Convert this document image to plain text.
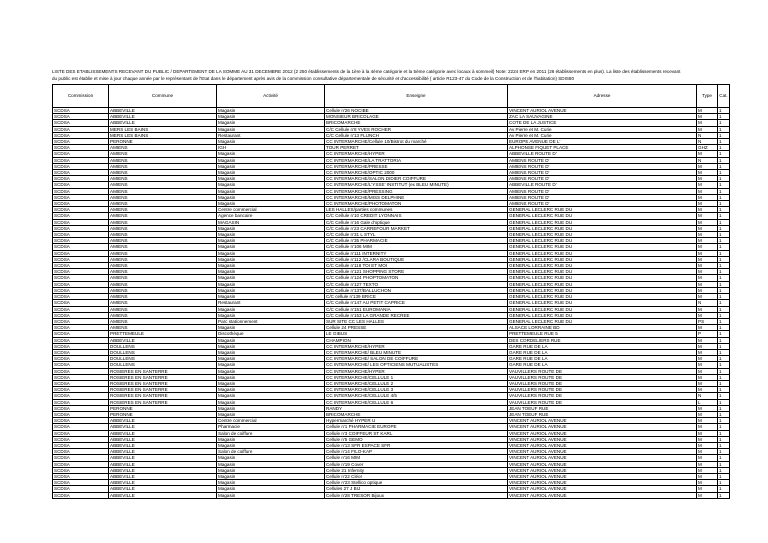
LISTE DES ETABLISSEMENTS RECEVANT DU PUBLIC / DEPARTEMENT DE LA SOMME AU 31 DECEMBRE 2012 (2 250 établissements de la 1ère à la 4ème catégorie et la 5ème catégorie avec locaux à sommeil) Note: 2224 ERP en 2011 (26 établissements en plus). La liste des établissements recevant
du public est établie et mise à jour chaque année par le représentant de l'Etat dans le département après avis de la commission consultative départementale de sécurité et d'accessibilité ( article R123-47 du Code de la Construction et de l'habitation) SDIS80
Commission	Commune	Activité	Enseigne	Adresse	Type	Cat.
SCDSA	ABBEVILLE	Magasin	Cellule n'26 NOCIBE	VINCENT AURIOL AVENUE	M	1
SCDSA	ABBEVILLE	Magasin	MONSIEUR BRICOLAGE	ZAC LA SAUVAGINE	M	1
SCDSA	ABBEVILLE	Magasin	BRICOMARCHE	COTE DE LA JUSTICE	M	1
SCDSA	MERS LES BAINS	Magasin	C/C Cellule n'8 YVES ROCHER	Av Pierre et M. Curie	M	1
SCDSA	MERS LES BAINS	Restaurant	C/C Cellule n'13 FLUNCH	Av Pierre et M. Curie	N	1
SCDSA	PERONNE	Magasin	CC INTERMARCHE/Cellule 10/Bistrot du marché	EUROPE AVENUE DE L'	N	1
SCDSA	AMIENS	IGH	TOUR PERRET	ALPHONSE FIQUET PLACE	GHZ	1
SCDSA	AMIENS	Magasin	CC INTERMARCHE/HYPER	ABBEVILLE ROUTE D'	M	1
SCDSA	AMIENS	Magasin	CC INTERMARCHE/LA TRATTORIA	AMIENS ROUTE D'	N	1
SCDSA	AMIENS	Magasin	CC INTERMARCHE/PRESSE	AMIENS ROUTE D'	M	1
SCDSA	AMIENS	Magasin	CC INTERMARCHE/OPTIC 2000	AMIENS ROUTE D'	M	1
SCDSA	AMIENS	Magasin	CC INTERMARCHE/SALON DIDIER COIFFURE	AMIENS ROUTE D'	M	1
SCDSA	AMIENS	Magasin	CC INTERMARCHE/L'YSSE' INSTITUT (ex BLEU MINUTE)	ABBEVILLE ROUTE D'	M	1
SCDSA	AMIENS	Magasin	CC INTERMARCHE/PRESSING	AMIENS ROUTE D'	M	1
SCDSA	AMIENS	Magasin	CC INTERMARCHE/MISS DELPHINE	AMIENS ROUTE D'	M	1
SCDSA	AMIENS	Magasin	CC INTERMARCHE/PHOTOMATON	AMIENS ROUTE D'	M	1
SCDSA	AMIENS	Centre commercial	LES HALLES/parties communes	GENERAL LECLERC RUE DU	M	1
SCDSA	AMIENS	Agence bancaire	C/C Cellule n'10 CREDIT LYONNAIS	GENERAL LECLERC RUE DU	M	1
SCDSA	AMIENS	MAGASIN	C/C Cellule n'16 Gale d'optique	GENERAL LECLERC RUE DU	M	1
SCDSA	AMIENS	Magasin	C/C Cellule n'23 CARREFOUR MARKET	GENERAL LECLERC RUE DU	M	1
SCDSA	AMIENS	Magasin	C/C Cellule n'31 L STYL	GENERAL LECLERC RUE DU	M	1
SCDSA	AMIENS	Magasin	C/C Cellule n'35 PHARMACIE	GENERAL LECLERC RUE DU	M	1
SCDSA	AMIENS	Magasin	C/C Cellule n'106 MIM	GENERAL LECLERC RUE DU	M	1
SCDSA	AMIENS	Magasin	C/C Cellule n'111 INTERNITY	GENERAL LECLERC RUE DU	M	1
SCDSA	AMIENS	Magasin	C/C Cellule n'112 /CLARA BOUTIQUE	GENERAL LECLERC RUE DU	M	1
SCDSA	AMIENS	Magasin	C/C Cellule n'118 TOI ET MOI	GENERAL LECLERC RUE DU	M	1
SCDSA	AMIENS	Magasin	C/C Cellule n'121 SHOPPING STORE	GENERAL LECLERC RUE DU	M	1
SCDSA	AMIENS	Magasin	C/C Cellule n'124 PHOPTOMATON	GENERAL LECLERC RUE DU	M	1
SCDSA	AMIENS	Magasin	C/C Cellule n'127 TEXTO	GENERAL LECLERC RUE DU	M	1
SCDSA	AMIENS	Magasin	C/C Cellule n'137/BALLUCHON	GENERAL LECLERC RUE DU	M	1
SCDSA	AMIENS	Magasin	C/C cellule n'139 BRICE	GENERAL LECLERC RUE DU	M	1
SCDSA	AMIENS	Restaurant	C/C Cellule n'147 AU PETIT CAPRICE	GENERAL LECLERC RUE DU	N	1
SCDSA	AMIENS	Magasin	C/C Cellule n'151 EUROMANIA	GENERAL LECLERC RUE DU	M	1
SCDSA	AMIENS	Magasin	C/C Cellule n'153 LA GRANDE RECREE	GENERAL LECLERC RUE DU	M	1
SCDSA	AMIENS	Parc stationnement	SUR SITE CC LES HALLES	GENERAL LECLERC RUE DU	PS	1
SCDSA	AMIENS	Magasin	Cellule 24 PRESSE	ALSACE LORRAINE BD	M	1
SCDSA	PRETTEMEULE	Discothèque	LE GIBUS	PRETTEMEULE RUE 5	P	1
SCDSA	ABBEVILLE	Magasin	CHAMPION	DES CORDELIERS RUE	M	1
SCDSA	DOULLENS	Magasin	CC INTERMARCHE/HYPER	GARE RUE DE LA	M	1
SCDSA	DOULLENS	Magasin	CC INTERMARCHE/ BLEU MINUTE	GARE RUE DE LA	M	1
SCDSA	DOULLENS	Magasin	CC INTERMARCHE/ SALON DE COIFFURE	GARE RUE DE LA	M	1
SCDSA	DOULLENS	Magasin	CC INTERMARCHE/ LES OPTICIENS MUTUALISTES	GARE RUE DE LA	M	1
SCDSA	ROSIERES EN SANTERRE	Magasin	CC INTERMARCHE/HYPER	VAUVILLERS ROUTE DE	M	1
SCDSA	ROSIERES EN SANTERRE	Magasin	CC INTERMARCHE/CELLULE 1	VAUVILLERS ROUTE DE	M	1
SCDSA	ROSIERES EN SANTERRE	Magasin	CC INTERMARCHE/CELLULE 2	VAUVILLERS ROUTE DE	M	1
SCDSA	ROSIERES EN SANTERRE	Magasin	CC INTERMARCHE/CELLULE 3	VAUVILLERS ROUTE DE	M	1
SCDSA	ROSIERES EN SANTERRE	Magasin	CC INTERMARCHE/CELLULE 4/5	VAUVILLERS ROUTE DE	N	1
SCDSA	ROSIERES EN SANTERRE	Magasin	CC INTERMARCHE/CELLULE 6	VAUVILLERS ROUTE DE	L	1
SCDSA	PERONNE	Magasin	RANDY	JEAN TOEUF RUE	M	1
SCDSA	PERONNE	Magasin	BRICOMARCHE	JEAN TOEUF RUE	M	1
SCDSA	ABBEVILLE	Centre commercial	Hypermarché HYPER U	VINCENT AURIOL AVENUE	M	1
SCDSA	ABBEVILLE	Pharmacie	Cellule n'1 PHARMACIE EUROPE	VINCENT AURIOL AVENUE	M	1
SCDSA	ABBEVILLE	Salon de coiffure	Cellule n'3 COIFFEUR ST KARL	VINCENT AURIOL AVENUE	M	1
SCDSA	ABBEVILLE	Magasin	Cellule n'5 GEMO	VINCENT AURIOL AVENUE	M	1
SCDSA	ABBEVILLE	Magasin	Cellule n'13 SFR ESPACE SFR	VINCENT AURIOL AVENUE	M	1
SCDSA	ABBEVILLE	Salon de coiffure	Cellule n'14 FILO-KAP	VINCENT AURIOL AVENUE	M	1
SCDSA	ABBEVILLE	Magasin	Cellule n'16 MIM	VINCENT AURIOL AVENUE	M	1
SCDSA	ABBEVILLE	Magasin	Cellule n'19 Cover	VINCENT AURIOL AVENUE	M	1
SCDSA	ABBEVILLE	Magasin	Cellule 21 Infernity	VINCENT AURIOL AVENUE	M	1
SCDSA	ABBEVILLE	Magasin	Cellule n'22 Cléor	VINCENT AURIOL AVENUE	M	1
SCDSA	ABBEVILLE	Magasin	Cellule n'23 Stellico optique	VINCENT AURIOL AVENUE	M	1
SCDSA	ABBEVILLE	Magasin	Cellules 27 J BIJ	VINCENT AURIOL AVENUE	M	1
SCDSA	ABBEVILLE	Magasin	Cellule n'28 TRESOR Bijoux	VINCENT AURIOL AVENUE	M	1
